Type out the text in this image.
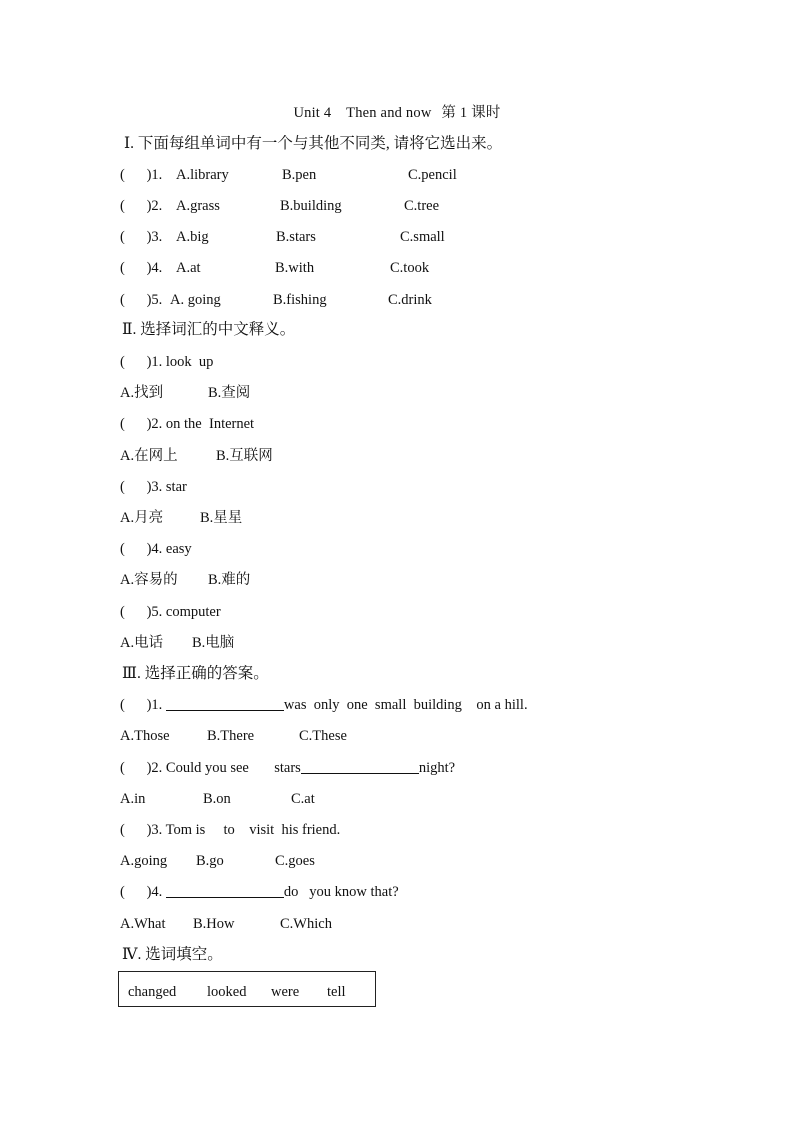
Unit 4 Then and now 第 1 课时
Ⅰ. 下面每组单词中有一个与其他不同类, 请将它选出来。
(      )1. A.library	B.pen	C.pencil
(      )2. A.grass	B.building	C.tree
(      )3. A.big	B.stars	C.small
(      )4. A.at	B.with	C.took
(      )5. A. going	B.fishing	C.drink
Ⅱ. 选择词汇的中文释义。
(      )1. look  up
A.找到	B.查阅
(      )2. on the  Internet
A.在网上	B.互联网
(      )3. star
A.月亮	B.星星
(      )4. easy
A.容易的 B.难的
(      )5. computer
A.电话 B.电脑
Ⅲ. 选择正确的答案。
(      )1.	was  only  one  small  building    on a hill.
A.Those	B.There	C.These
(      )2. Could you see       stars	night?
A.in	B.on	C.at
(      )3. Tom is     to    visit  his friend.
A.going B.go	C.goes
(      )4.	do   you know that?
A.What B.How	C.Which
Ⅳ. 选词填空。
changed looked were tell
